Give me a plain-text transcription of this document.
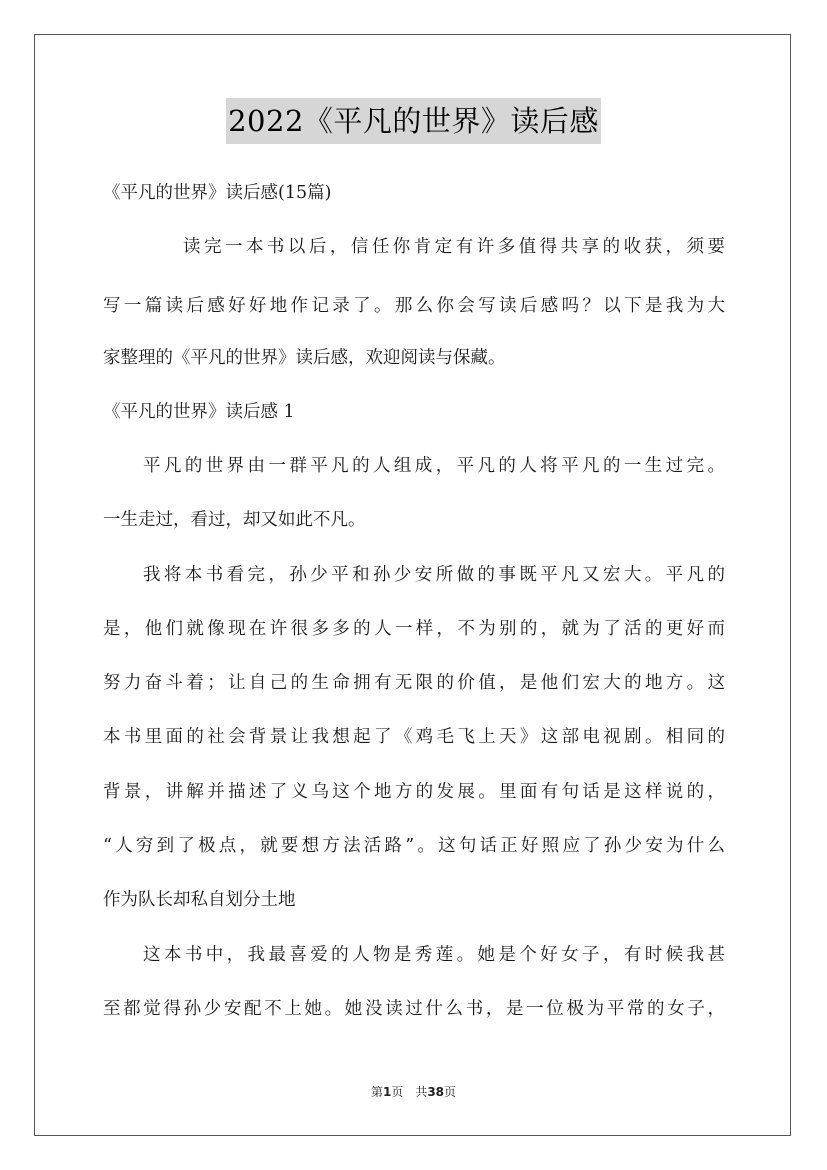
2022《平凡的世界》读后感
《平凡的世界》读后感(15篇)
读完一本书以后，信任你肯定有许多值得共享的收获，须要
写一篇读后感好好地作记录了。那么你会写读后感吗？以下是我为大
家整理的《平凡的世界》读后感，欢迎阅读与保藏。
《平凡的世界》读后感 1
平凡的世界由一群平凡的人组成，平凡的人将平凡的一生过完。
一生走过，看过，却又如此不凡。
我将本书看完，孙少平和孙少安所做的事既平凡又宏大。平凡的
是，他们就像现在许很多多的人一样，不为别的，就为了活的更好而
努力奋斗着；让自己的生命拥有无限的价值，是他们宏大的地方。这
本书里面的社会背景让我想起了《鸡毛飞上天》这部电视剧。相同的
背景，讲解并描述了义乌这个地方的发展。里面有句话是这样说的，
“人穷到了极点，就要想方法活路”。这句话正好照应了孙少安为什么
作为队长却私自划分土地
这本书中，我最喜爱的人物是秀莲。她是个好女子，有时候我甚
至都觉得孙少安配不上她。她没读过什么书，是一位极为平常的女子，
第1页　共38页
